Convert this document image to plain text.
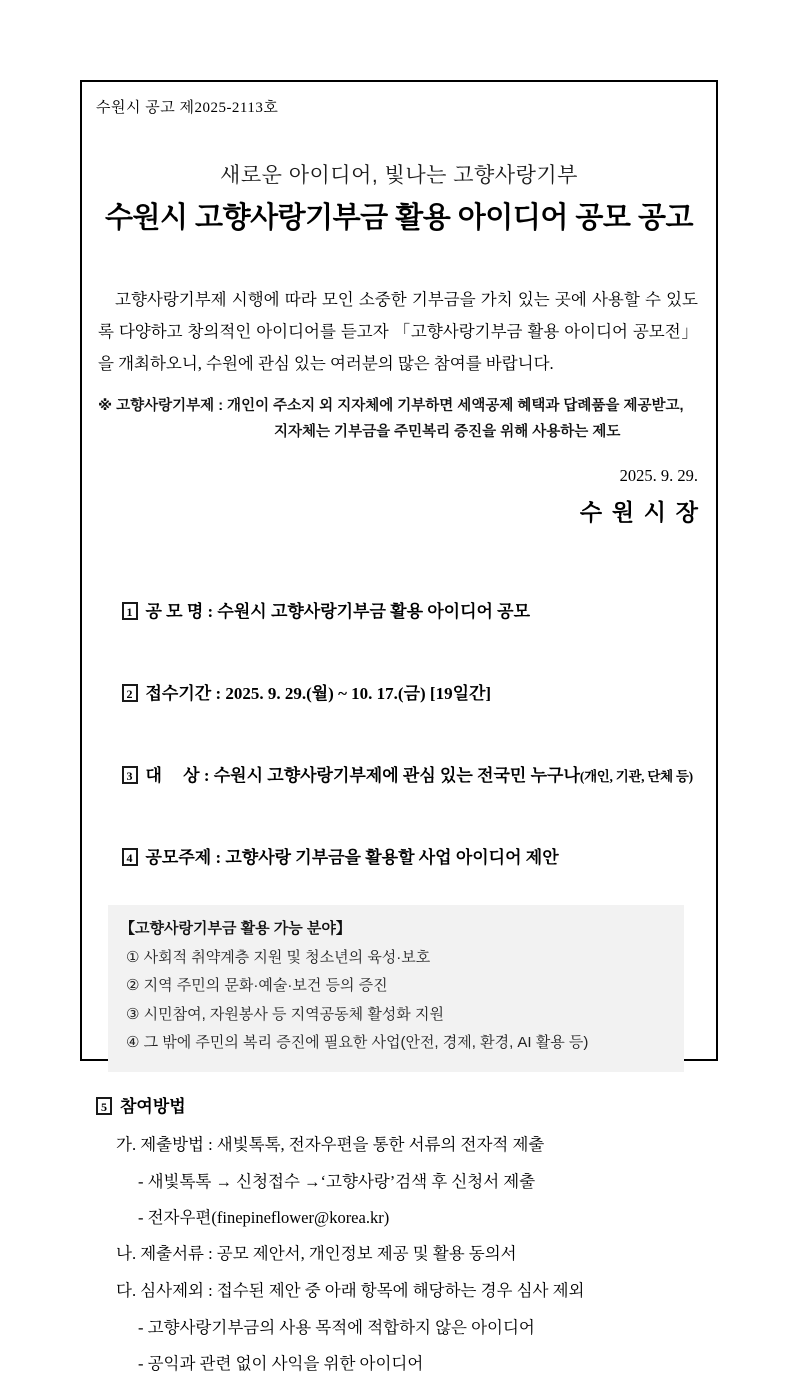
수원시 공고 제2025-2113호
새로운 아이디어, 빛나는 고향사랑기부
수원시 고향사랑기부금 활용 아이디어 공모 공고
고향사랑기부제 시행에 따라 모인 소중한 기부금을 가치 있는 곳에 사용할 수 있도록 다양하고 창의적인 아이디어를 듣고자 「고향사랑기부금 활용 아이디어 공모전」을 개최하오니, 수원에 관심 있는 여러분의 많은 참여를 바랍니다.
※ 고향사랑기부제 : 개인이 주소지 외 지자체에 기부하면 세액공제 혜택과 답례품을 제공받고,
지자체는 기부금을 주민복리 증진을 위해 사용하는 제도
2025. 9. 29.
수 원 시 장

1 공 모 명 : 수원시 고향사랑기부금 활용 아이디어 공모

2 접수기간 : 2025. 9. 29.(월) ~ 10. 17.(금) [19일간]

3 대     상 : 수원시 고향사랑기부제에 관심 있는 전국민 누구나(개인, 기관, 단체 등)

4 공모주제 : 고향사랑 기부금을 활용할 사업 아이디어 제안

【고향사랑기부금 활용 가능 분야】
① 사회적 취약계층 지원 및 청소년의 육성·보호
② 지역 주민의 문화·예술·보건 등의 증진
③ 시민참여, 자원봉사 등 지역공동체 활성화 지원
④ 그 밖에 주민의 복리 증진에 필요한 사업(안전, 경제, 환경, AI 활용 등)
5 참여방법
가. 제출방법 : 새빛톡톡, 전자우편을 통한 서류의 전자적 제출
- 새빛톡톡 → 신청접수 →‘고향사랑’검색 후 신청서 제출
- 전자우편(finepineflower@korea.kr)
나. 제출서류 : 공모 제안서, 개인정보 제공 및 활용 동의서
다. 심사제외 : 접수된 제안 중 아래 항목에 해당하는 경우 심사 제외
- 고향사랑기부금의 사용 목적에 적합하지 않은 아이디어
- 공익과 관련 없이 사익을 위한 아이디어
